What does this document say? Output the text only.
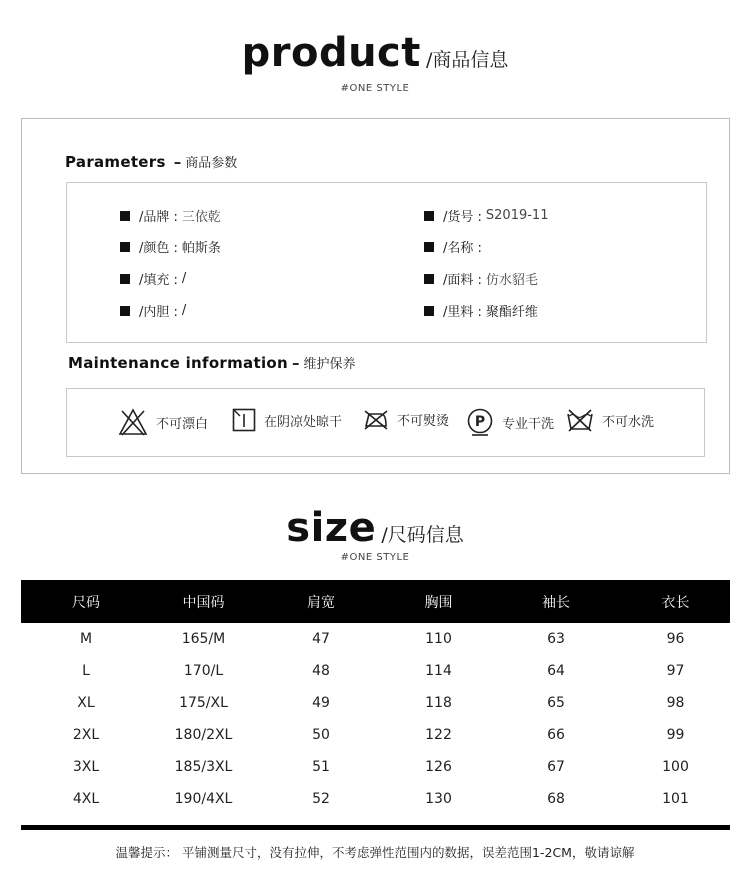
product /商品信息
#ONE STYLE
Parameters – 商品参数
/品牌 : 三依乾
/颜色 : 帕斯条
/填充 : /
/内胆 : /
/货号 : S2019-11
/名称 :
/面料 : 仿水貂毛
/里料 : 聚酯纤维
Maintenance information – 维护保养
不可漂白	在阴凉处晾干	不可熨烫 P 专业干洗	不可水洗
size /尺码信息
#ONE STYLE
尺码	中国码	肩宽	胸围	袖长	衣长
M	165/M	47	110	63	96
L	170/L	48	114	64	97
XL	175/XL	49	118	65	98
2XL	180/2XL	50	122	66	99
3XL	185/3XL	51	126	67	100
4XL	190/4XL	52	130	68	101
温馨提示： 平铺测量尺寸，没有拉伸，不考虑弹性范围内的数据，误差范围1-2CM，敬请谅解
